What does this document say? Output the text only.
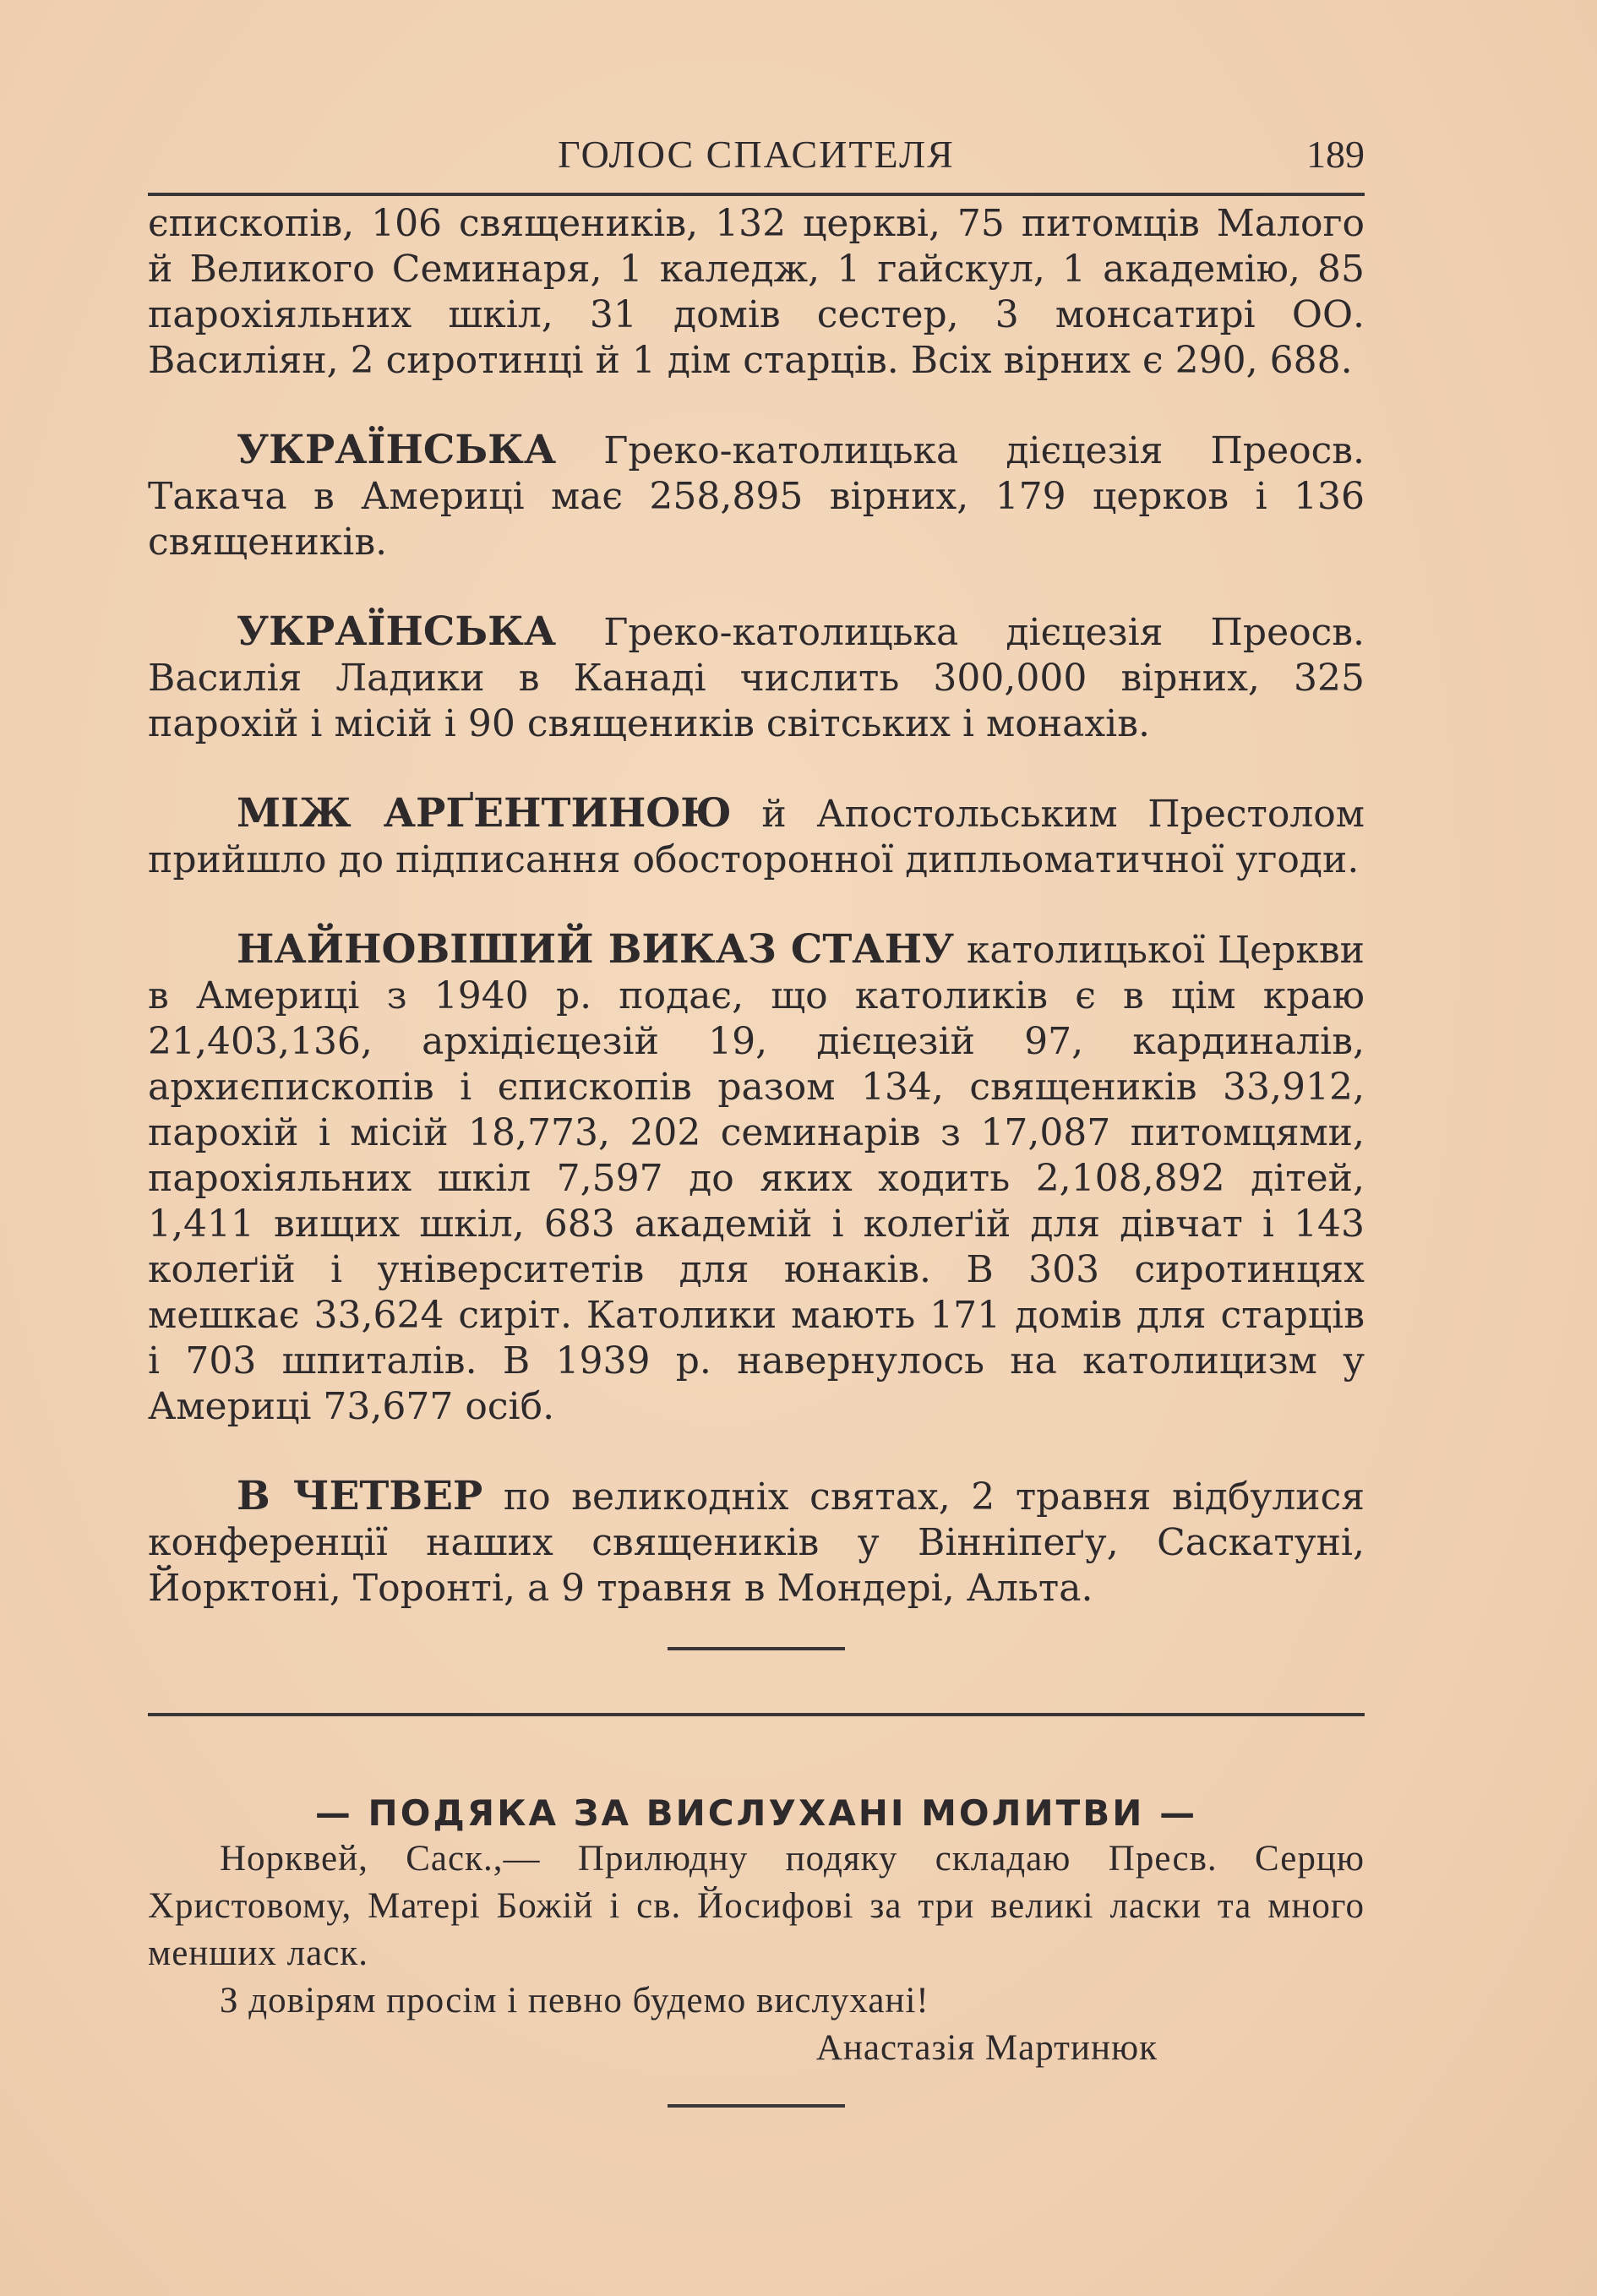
ГОЛОС СПАСИТЕЛЯ	189

єпископів, 106 священиків, 132 церкві, 75 питомців Малого й Великого Семинаря, 1 каледж, 1 гайскул, 1 академію, 85 парохіяльних шкіл, 31 домів сестер, 3 монсатирі ОО. Василіян, 2 сиротинці й 1 дім старців. Всіх вірних є 290, 688.

УКРАЇНСЬКА Греко-католицька дієцезія Преосв. Такача в Америці має 258,895 вірних, 179 церков і 136 священиків.

УКРАЇНСЬКА Греко-католицька дієцезія Преосв. Василія Ладики в Канаді числить 300,000 вірних, 325 парохій і місій і 90 священиків світських і монахів.

МІЖ АРҐЕНТИНОЮ й Апостольським Престолом прийшло до підписання обосторонної дипльоматичної угоди.

НАЙНОВІШИЙ ВИКАЗ СТАНУ католицької Церкви в Америці з 1940 р. подає, що католиків є в цім краю 21,403,136, архідієцезій 19, дієцезій 97, кардиналів, архиєпископів і єпископів разом 134, священиків 33,912, парохій і місій 18,773, 202 семинарів з 17,087 питомцями, парохіяльних шкіл 7,597 до яких ходить 2,108,892 дітей, 1,411 вищих шкіл, 683 академій і колеґій для дівчат і 143 колеґій і університетів для юнаків. В 303 сиротинцях мешкає 33,624 сиріт. Католики мають 171 домів для старців і 703 шпиталів. В 1939 р. навернулось на католицизм у Америці 73,677 осіб.

В ЧЕТВЕР по великодніх святах, 2 травня відбулися конференції наших священиків у Вінніпеґу, Саскатуні, Йорктоні, Торонті, а 9 травня в Мондері, Альта.

— ПОДЯКА ЗА ВИСЛУХАНІ МОЛИТВИ —

Норквей, Саск.,— Прилюдну подяку складаю Пресв. Серцю Христовому, Матері Божій і св. Йосифові за три великі ласки та много менших ласк.

З довірям просім і певно будемо вислухані!

Анастазія Мартинюк
